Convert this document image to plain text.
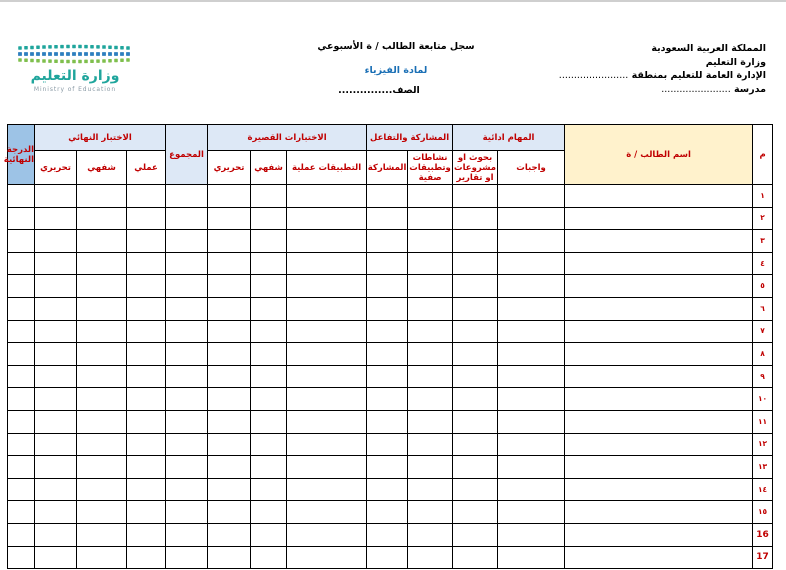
المملكة العربية السعودية
وزارة التعليم
الإدارة العامة للتعليم بمنطقة .......................
مدرسة .......................
سجل متابعة الطالب / ة الأسبوعي
لمادة الفيزياء
الصف...............
وزارة التعليم
Ministry of Education
م	اسم الطالب / ة	المهام ادائية		المشاركة والتفاعل		الاختبارات القصيرة			المجموع	الاختبار النهائي			الدرجة النهائية
		واجبات	بحوث او مشروعات او تقارير	نشاطات وتطبيقات صفية	المشاركة	التطبيقات عملية	شفهي	تحريري		عملي	شفهي	تحريري	
١													
٢													
٣													
٤													
٥													
٦													
٧													
٨													
٩													
١٠													
١١													
١٢													
١٣													
١٤													
١٥													
16													
17													
